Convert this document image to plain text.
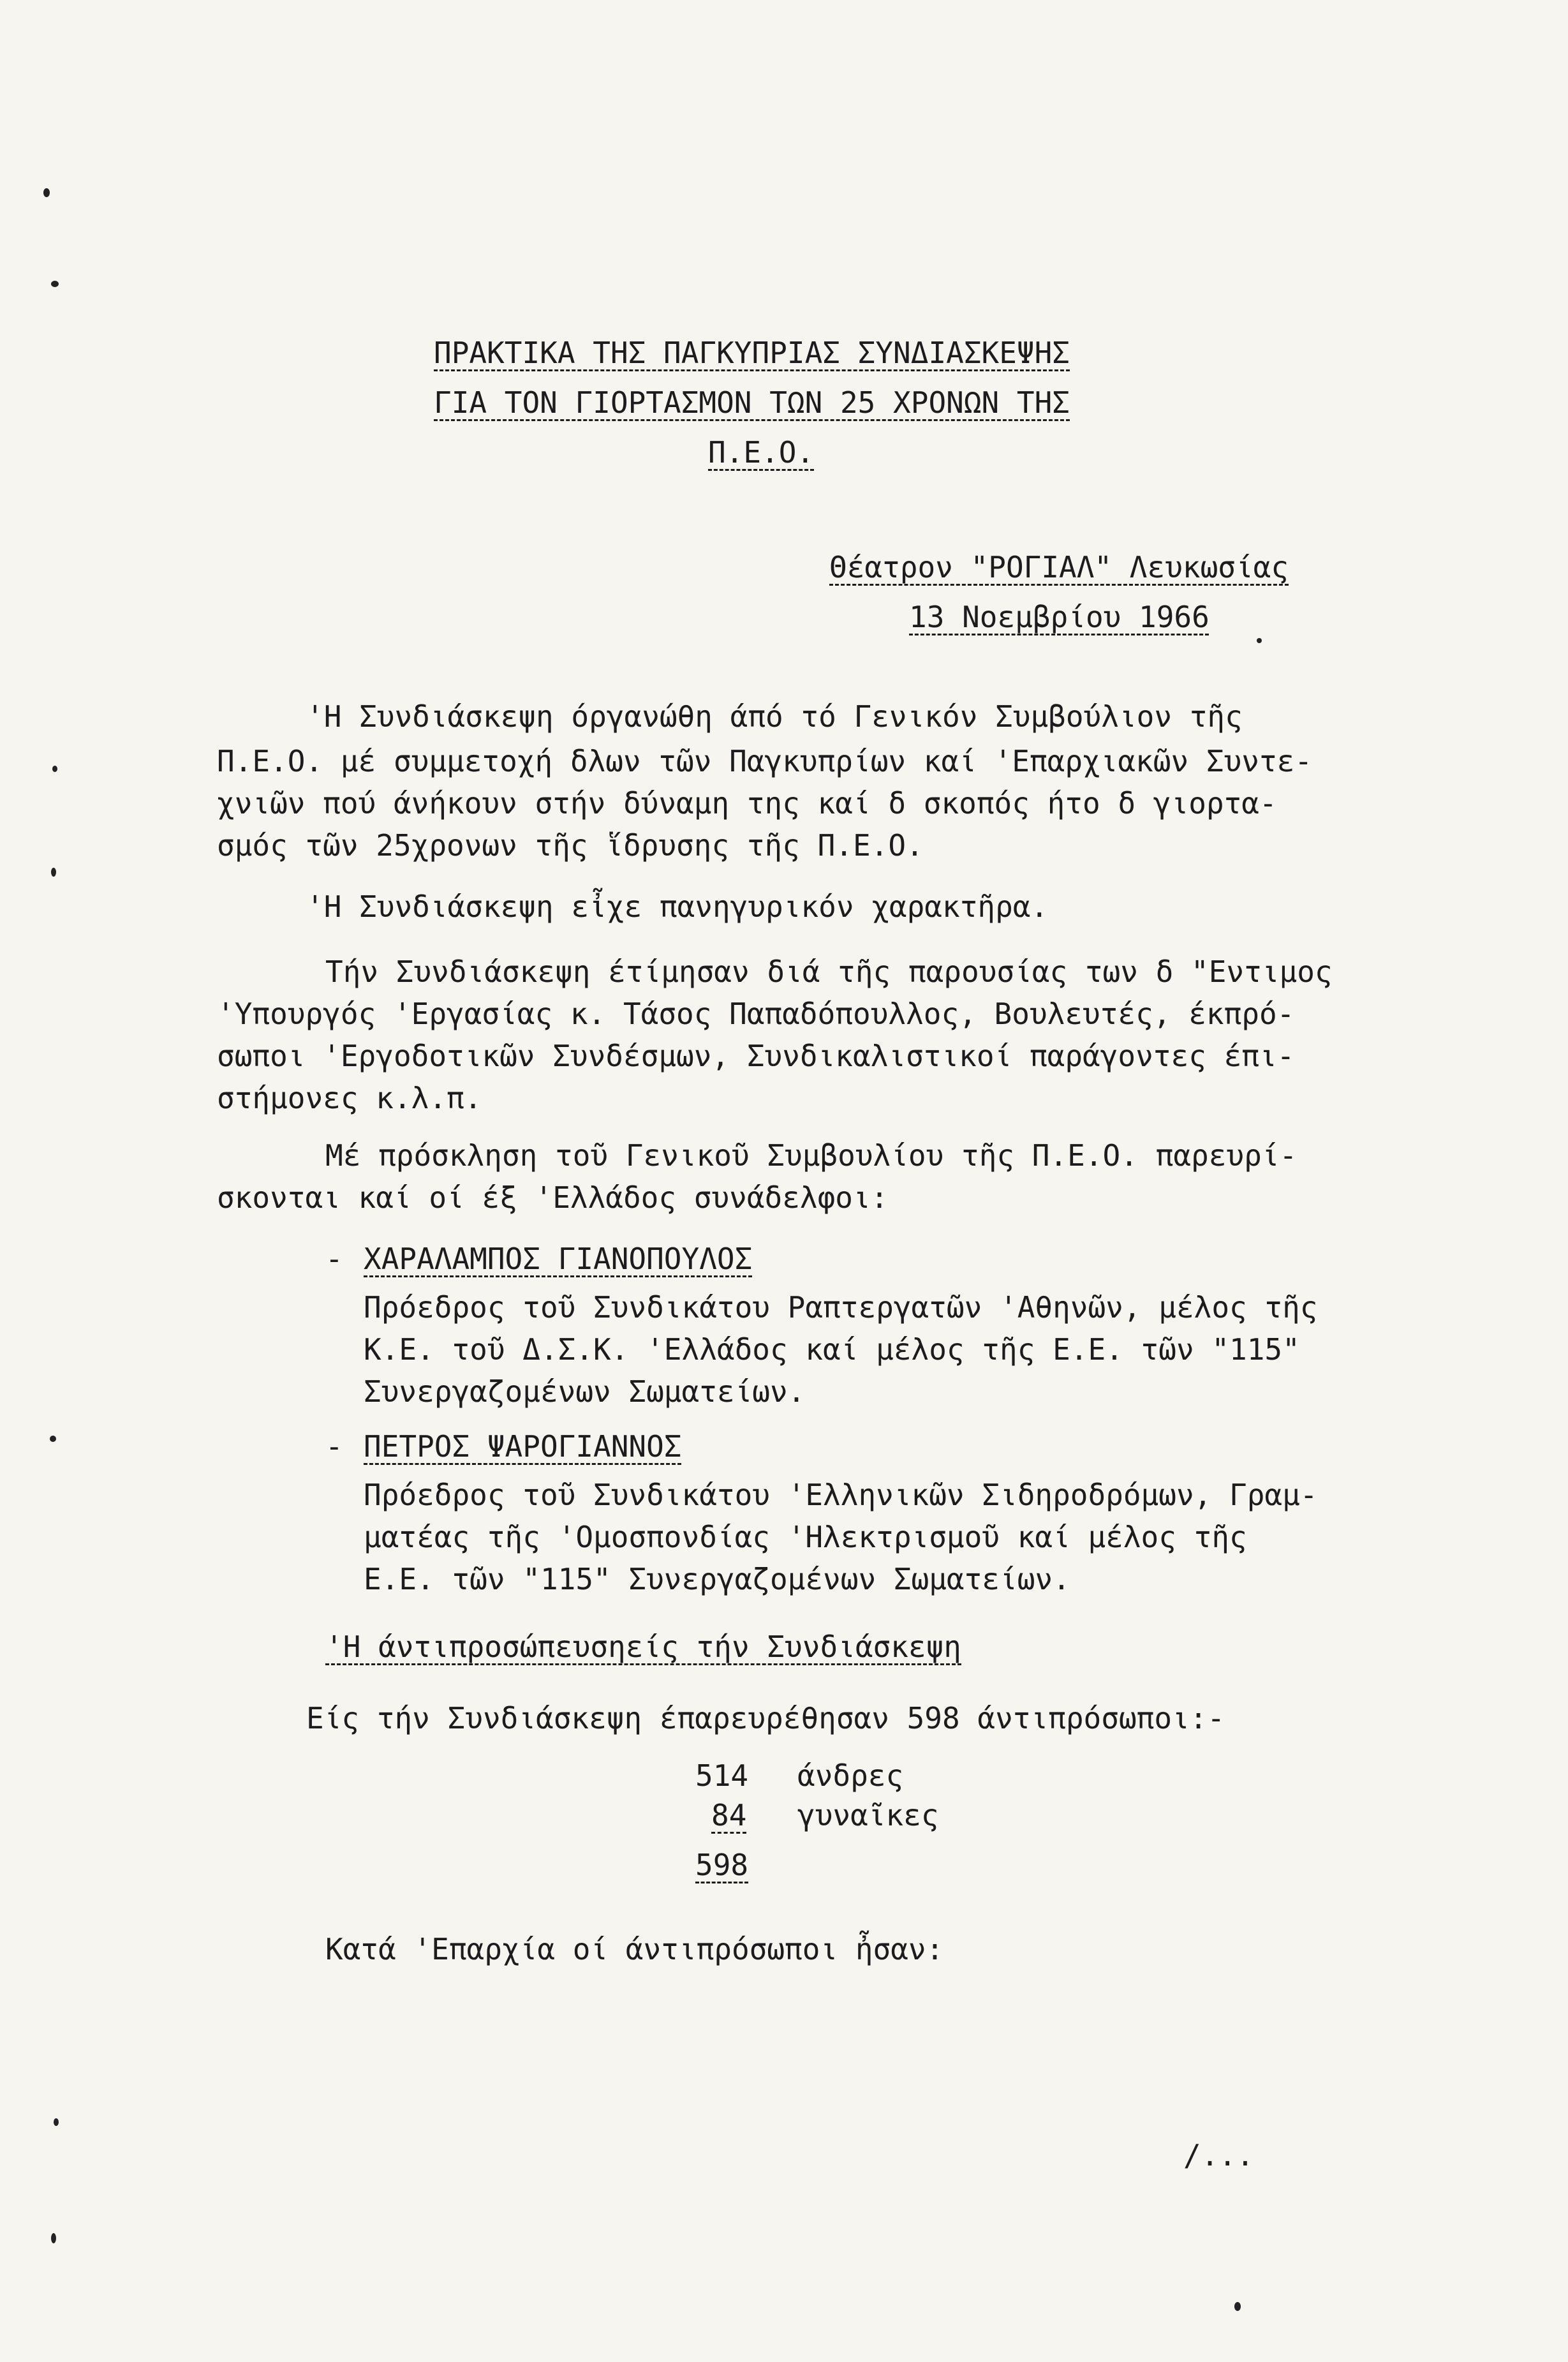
ΠΡΑΚΤΙΚΑ ΤΗΣ ΠΑΓΚΥΠΡΙΑΣ ΣΥΝΔΙΑΣΚΕΨΗΣ
ΓΙΑ ΤΟΝ ΓΙΟΡΤΑΣΜΟΝ ΤΩΝ 25 ΧΡΟΝΩΝ ΤΗΣ
Π.Ε.Ο.
Θέατρον "ΡΟΓΙΑΛ" Λευκωσίας
13 Νοεμβρίου 1966
'Η Συνδιάσκεψη όργανώθη άπό τό Γενικόν Συμβούλιον τῆς
Π.Ε.Ο. μέ συμμετοχή δλων τῶν Παγκυπρίων καί 'Επαρχιακῶν Συντε-
χνιῶν πού άνήκουν στήν δύναμη της καί δ σκοπός ήτο δ γιορτα-
σμός τῶν 25χρονων τῆς ἵδρυσης τῆς Π.Ε.Ο.
'Η Συνδιάσκεψη εἶχε πανηγυρικόν χαρακτῆρα.
Τήν Συνδιάσκεψη έτίμησαν διά τῆς παρουσίας των δ "Εντιμος
'Υπουργός 'Εργασίας κ. Τάσος Παπαδόπουλλος, Βουλευτές, έκπρό-
σωποι 'Εργοδοτικῶν Συνδέσμων, Συνδικαλιστικοί παράγοντες έπι-
στήμονες κ.λ.π.
Μέ πρόσκληση τοῦ Γενικοῦ Συμβουλίου τῆς Π.Ε.Ο. παρευρί-
σκονται καί οί έξ 'Ελλάδος συνάδελφοι:
- ΧΑΡΑΛΑΜΠΟΣ ΓΙΑΝΟΠΟΥΛΟΣ
Πρόεδρος τοῦ Συνδικάτου Ραπτεργατῶν 'Αθηνῶν, μέλος τῆς
Κ.Ε. τοῦ Δ.Σ.Κ. 'Ελλάδος καί μέλος τῆς Ε.Ε. τῶν "115"
Συνεργαζομένων Σωματείων.
- ΠΕΤΡΟΣ ΨΑΡΟΓΙΑΝΝΟΣ
Πρόεδρος τοῦ Συνδικάτου 'Ελληνικῶν Σιδηροδρόμων, Γραμ-
ματέας τῆς 'Ομοσπονδίας 'Ηλεκτρισμοῦ καί μέλος τῆς
Ε.Ε. τῶν "115" Συνεργαζομένων Σωματείων.
'Η άντιπροσώπευσηείς τήν Συνδιάσκεψη
Είς τήν Συνδιάσκεψη έπαρευρέθησαν 598 άντιπρόσωποι:-
514 άνδρες
84 γυναῖκες
598
Κατά 'Επαρχία οί άντιπρόσωποι ἦσαν:
/...
